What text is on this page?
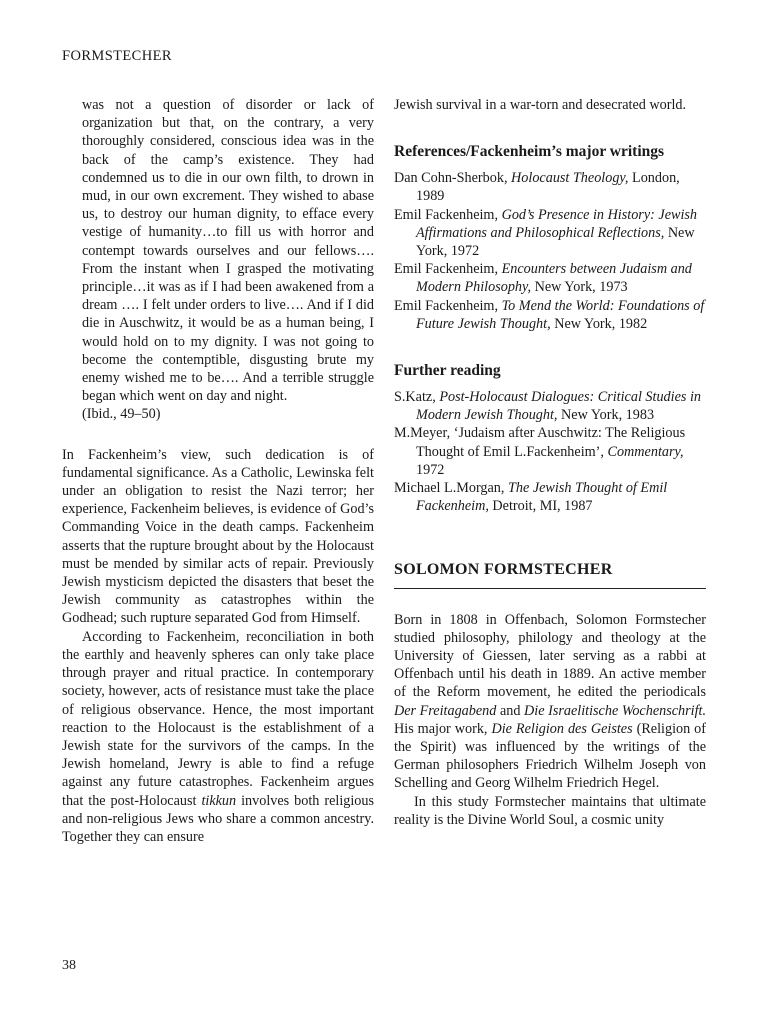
FORMSTECHER

was not a question of disorder or lack of organization but that, on the contrary, a very thoroughly considered, conscious idea was in the back of the camp’s existence. They had condemned us to die in our own filth, to drown in mud, in our own excrement. They wished to abase us, to destroy our human dignity, to efface every vestige of humanity…to fill us with horror and contempt towards ourselves and our fellows…. From the instant when I grasped the motivating principle…it was as if I had been awakened from a dream …. I felt under orders to live…. And if I did die in Auschwitz, it would be as a human being, I would hold on to my dignity. I was not going to become the contemptible, disgusting brute my enemy wished me to be…. And a terrible struggle began which went on day and night.

(Ibid., 49–50)

In Fackenheim’s view, such dedication is of fundamental significance. As a Catholic, Lewinska felt under an obligation to resist the Nazi terror; her experience, Fackenheim believes, is evidence of God’s Commanding Voice in the death camps. Fackenheim asserts that the rupture brought about by the Holocaust must be mended by similar acts of repair. Previously Jewish mysticism depicted the disasters that beset the Jewish community as catastrophes within the Godhead; such rupture separated God from Himself.

According to Fackenheim, reconciliation in both the earthly and heavenly spheres can only take place through prayer and ritual practice. In contemporary society, however, acts of resistance must take the place of religious observance. Hence, the most important reaction to the Holocaust is the establishment of a Jewish state for the survivors of the camps. In the Jewish homeland, Jewry is able to find a refuge against any future catastrophes. Fackenheim argues that the post-Holocaust tikkun involves both religious and non-religious Jews who share a common ancestry. Together they can ensure

Jewish survival in a war-torn and desecrated world.

References/Fackenheim’s major writings
Dan Cohn-Sherbok, Holocaust Theology, London, 1989
Emil Fackenheim, God’s Presence in History: Jewish Affirmations and Philosophical Reflections, New York, 1972
Emil Fackenheim, Encounters between Judaism and Modern Philosophy, New York, 1973
Emil Fackenheim, To Mend the World: Foundations of Future Jewish Thought, New York, 1982
Further reading
S.Katz, Post-Holocaust Dialogues: Critical Studies in Modern Jewish Thought, New York, 1983
M.Meyer, ‘Judaism after Auschwitz: The Religious Thought of Emil L.Fackenheim’, Commentary, 1972
Michael L.Morgan, The Jewish Thought of Emil Fackenheim, Detroit, MI, 1987
SOLOMON FORMSTECHER

Born in 1808 in Offenbach, Solomon Formstecher studied philosophy, philology and theology at the University of Giessen, later serving as a rabbi at Offenbach until his death in 1889. An active member of the Reform movement, he edited the periodicals Der Freitagabend and Die Israelitische Wochenschrift. His major work, Die Religion des Geistes (Religion of the Spirit) was influenced by the writings of the German philosophers Friedrich Wilhelm Joseph von Schelling and Georg Wilhelm Friedrich Hegel.

In this study Formstecher maintains that ultimate reality is the Divine World Soul, a cosmic unity

38
